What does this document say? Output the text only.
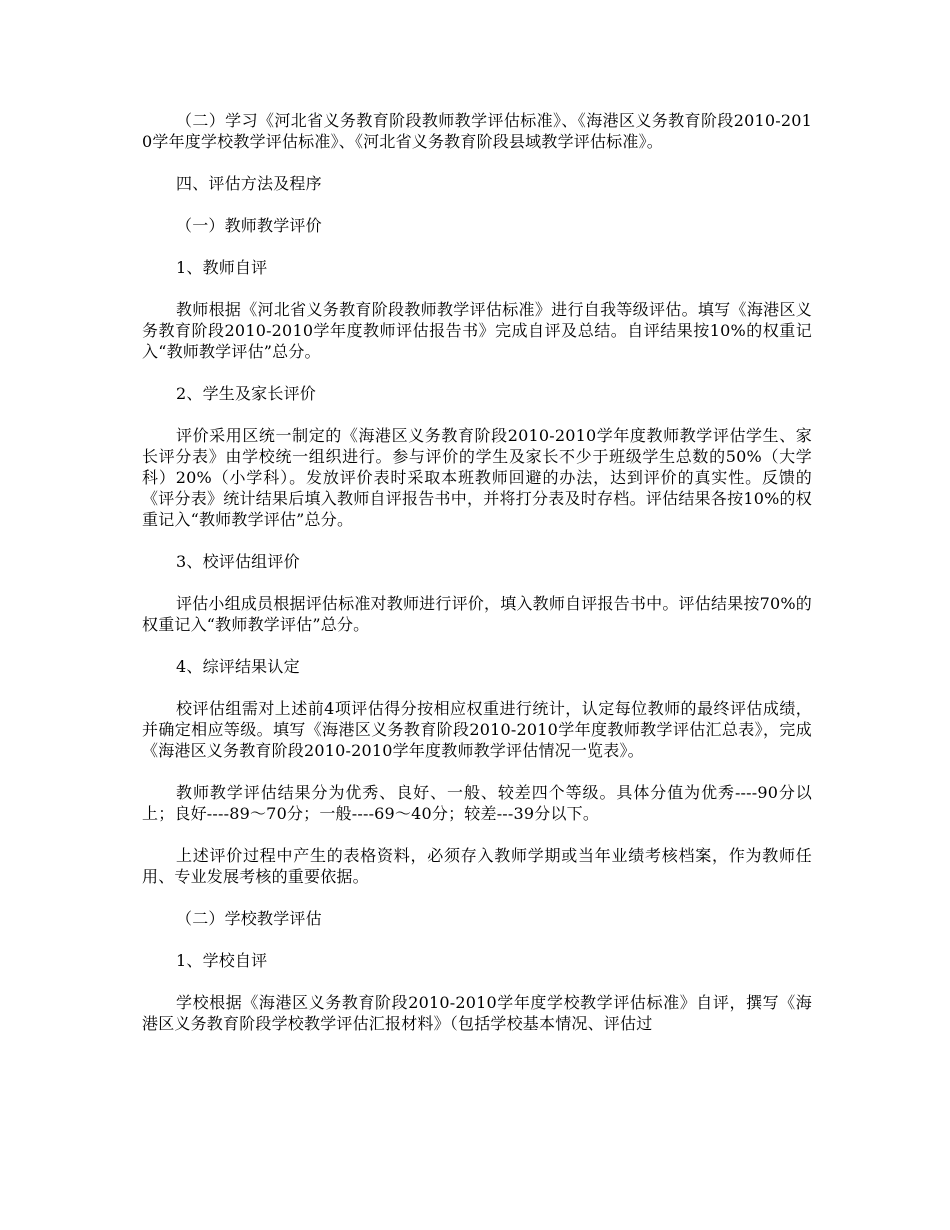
（二）学习《河北省义务教育阶段教师教学评估标准》、《海港区义务教育阶段2010-2010学年度学校教学评估标准》、《河北省义务教育阶段县域教学评估标准》。

四、评估方法及程序

（一）教师教学评价

1、教师自评

教师根据《河北省义务教育阶段教师教学评估标准》进行自我等级评估。填写《海港区义务教育阶段2010-2010学年度教师评估报告书》完成自评及总结。自评结果按10%的权重记入“教师教学评估”总分。

2、学生及家长评价

评价采用区统一制定的《海港区义务教育阶段2010-2010学年度教师教学评估学生、家长评分表》由学校统一组织进行。参与评价的学生及家长不少于班级学生总数的50%（大学科）20%（小学科）。发放评价表时采取本班教师回避的办法，达到评价的真实性。反馈的《评分表》统计结果后填入教师自评报告书中，并将打分表及时存档。评估结果各按10%的权重记入“教师教学评估”总分。

3、校评估组评价

评估小组成员根据评估标准对教师进行评价，填入教师自评报告书中。评估结果按70%的权重记入“教师教学评估”总分。

4、综评结果认定

校评估组需对上述前4项评估得分按相应权重进行统计，认定每位教师的最终评估成绩，并确定相应等级。填写《海港区义务教育阶段2010-2010学年度教师教学评估汇总表》，完成《海港区义务教育阶段2010-2010学年度教师教学评估情况一览表》。

教师教学评估结果分为优秀、良好、一般、较差四个等级。具体分值为优秀----90分以上；良好----89～70分；一般----69～40分；较差---39分以下。

上述评价过程中产生的表格资料，必须存入教师学期或当年业绩考核档案，作为教师任用、专业发展考核的重要依据。

（二）学校教学评估

1、学校自评

学校根据《海港区义务教育阶段2010-2010学年度学校教学评估标准》自评，撰写《海港区义务教育阶段学校教学评估汇报材料》（包括学校基本情况、评估过
